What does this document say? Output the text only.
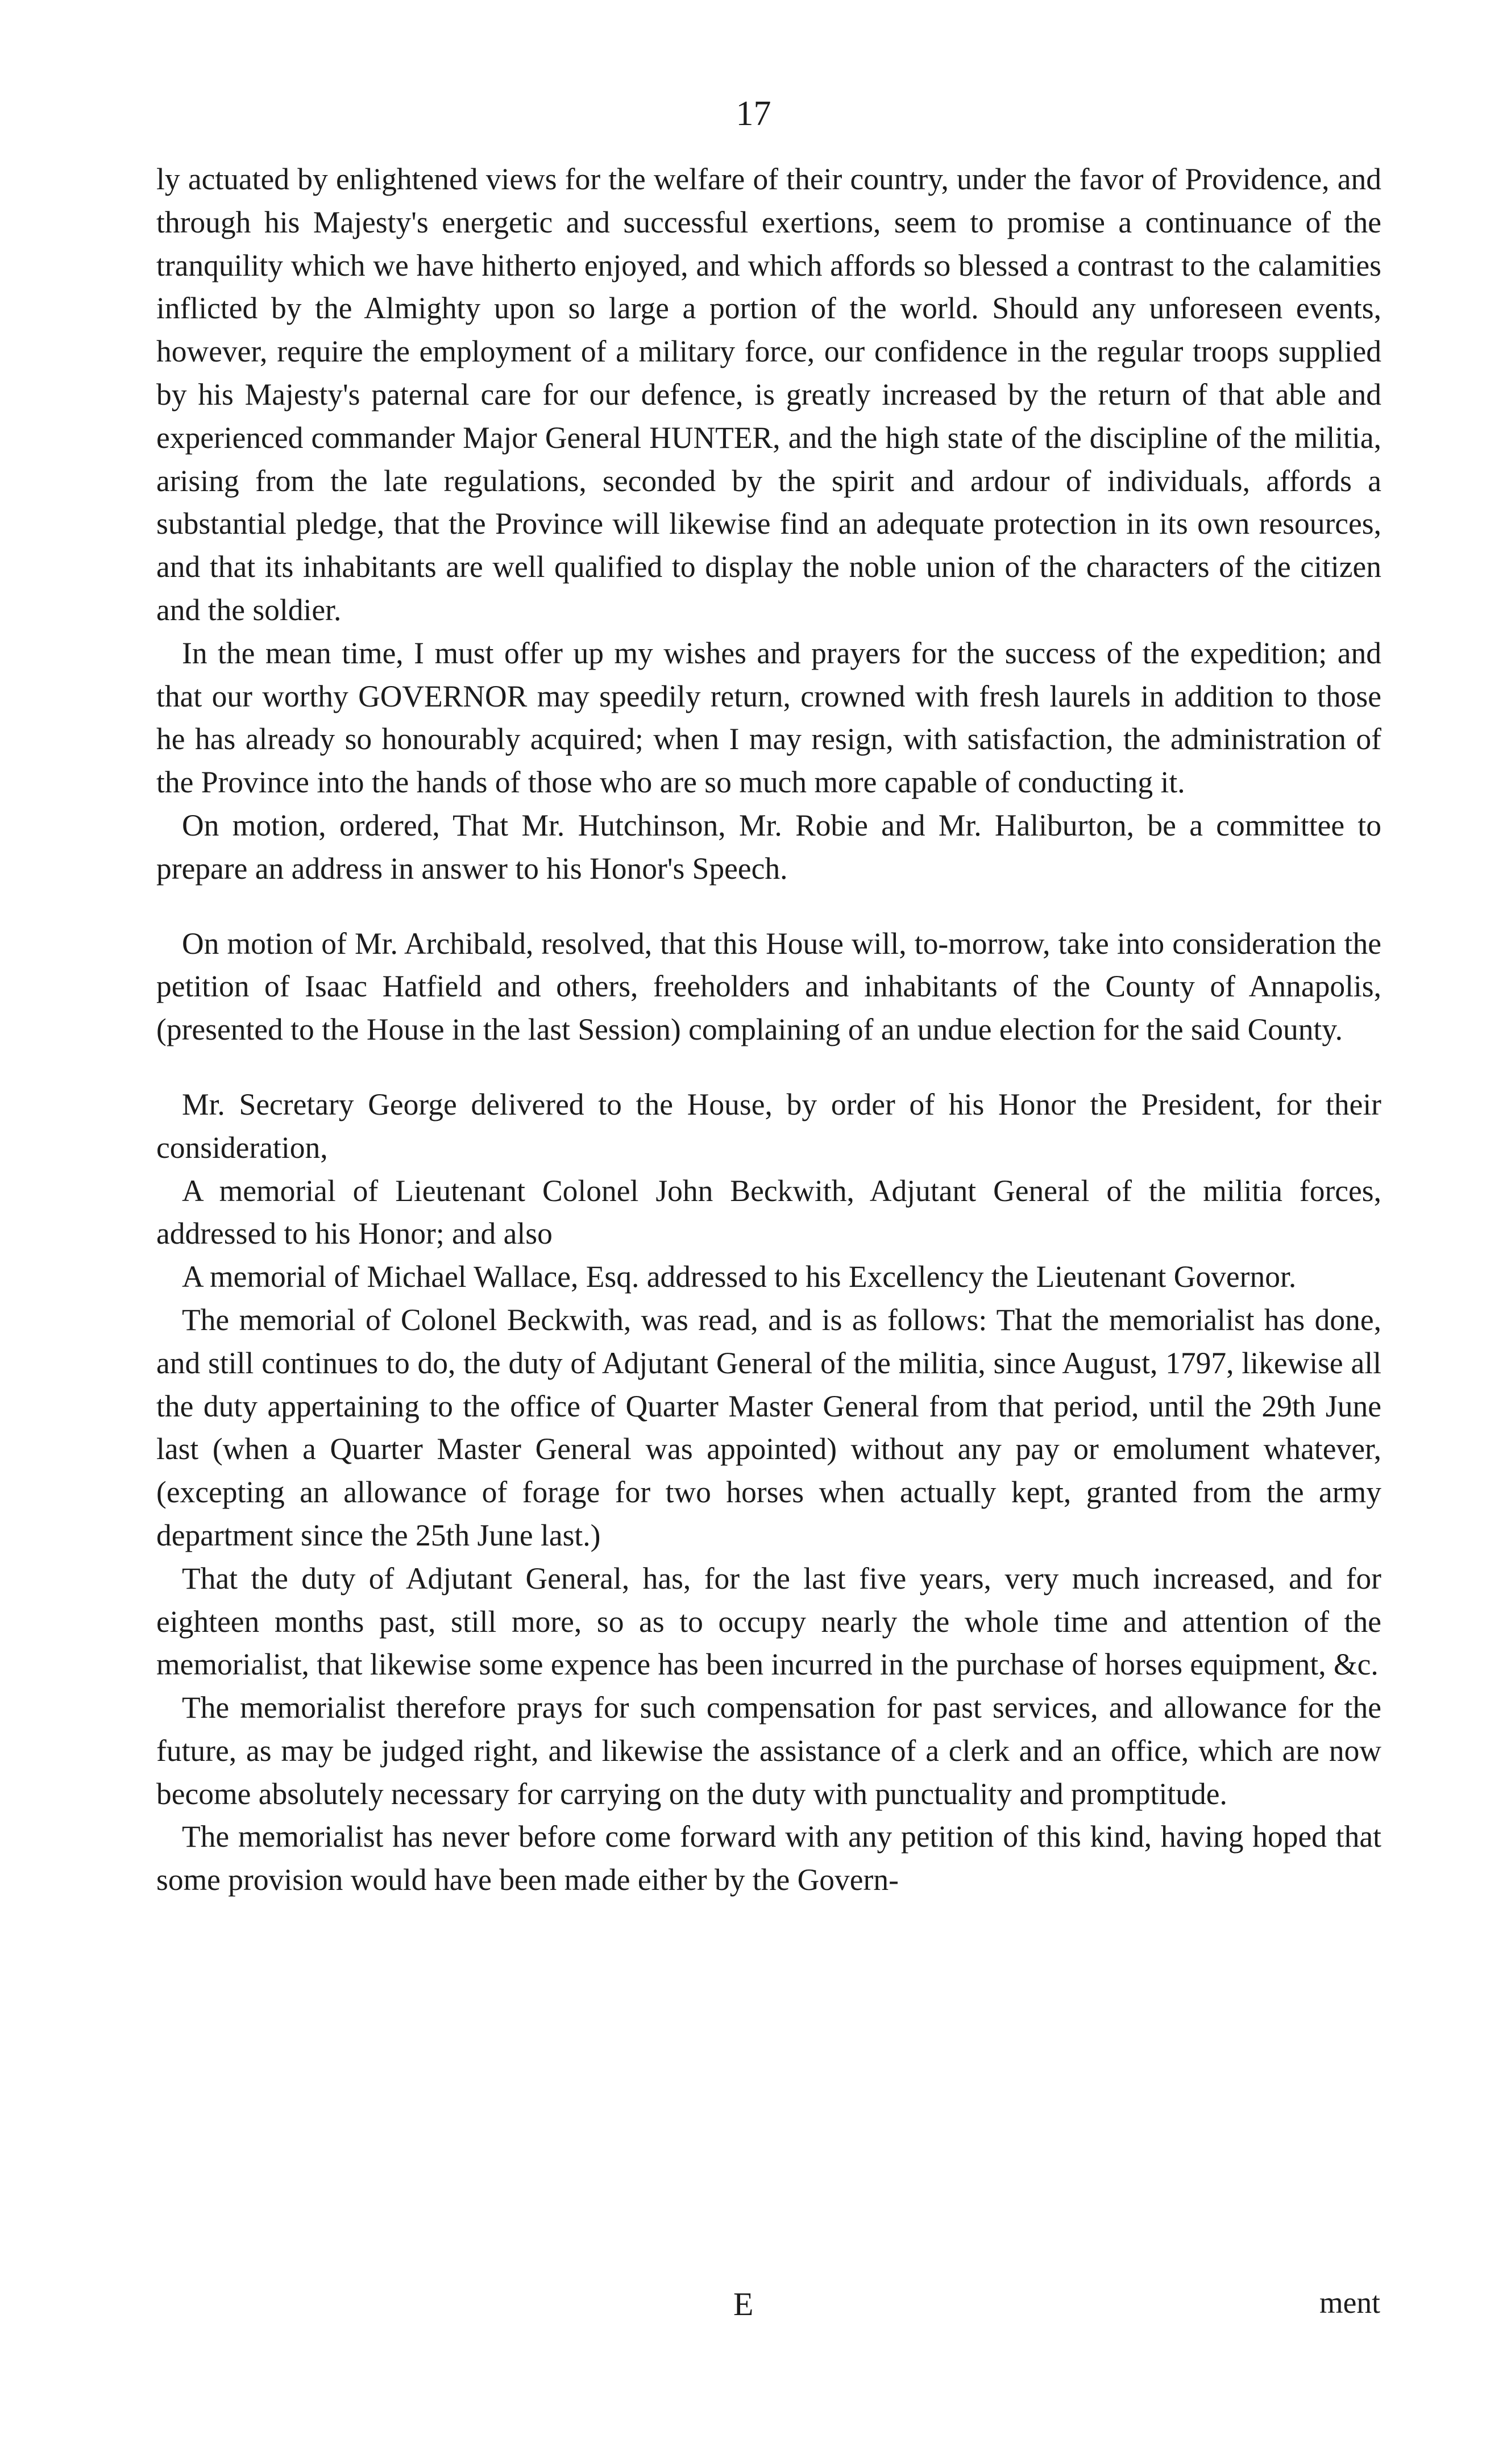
17

ly actuated by enlightened views for the welfare of their country, under the favor of Providence, and through his Majesty's energetic and successful exertions, seem to promise a continuance of the tranquility which we have hitherto enjoyed, and which affords so blessed a contrast to the calamities inflicted by the Almighty upon so large a portion of the world. Should any unforeseen events, however, require the employment of a military force, our confidence in the regular troops supplied by his Majesty's paternal care for our defence, is greatly increased by the return of that able and experienced commander Major General HUNTER, and the high state of the discipline of the militia, arising from the late regulations, seconded by the spirit and ardour of individuals, affords a substantial pledge, that the Province will likewise find an adequate protection in its own resources, and that its inhabitants are well qualified to display the noble union of the characters of the citizen and the soldier.

In the mean time, I must offer up my wishes and prayers for the success of the expedition; and that our worthy GOVERNOR may speedily return, crowned with fresh laurels in addition to those he has already so honourably acquired; when I may resign, with satisfaction, the administration of the Province into the hands of those who are so much more capable of conducting it.

On motion, ordered, That Mr. Hutchinson, Mr. Robie and Mr. Haliburton, be a committee to prepare an address in answer to his Honor's Speech.

On motion of Mr. Archibald, resolved, that this House will, to-morrow, take into consideration the petition of Isaac Hatfield and others, freeholders and inhabitants of the County of Annapolis, (presented to the House in the last Session) complaining of an undue election for the said County.

Mr. Secretary George delivered to the House, by order of his Honor the President, for their consideration,

A memorial of Lieutenant Colonel John Beckwith, Adjutant General of the militia forces, addressed to his Honor; and also

A memorial of Michael Wallace, Esq. addressed to his Excellency the Lieutenant Governor.

The memorial of Colonel Beckwith, was read, and is as follows: That the memorialist has done, and still continues to do, the duty of Adjutant General of the militia, since August, 1797, likewise all the duty appertaining to the office of Quarter Master General from that period, until the 29th June last (when a Quarter Master General was appointed) without any pay or emolument whatever, (excepting an allowance of forage for two horses when actually kept, granted from the army department since the 25th June last.)

That the duty of Adjutant General, has, for the last five years, very much increased, and for eighteen months past, still more, so as to occupy nearly the whole time and attention of the memorialist, that likewise some expence has been incurred in the purchase of horses equipment, &c.

The memorialist therefore prays for such compensation for past services, and allowance for the future, as may be judged right, and likewise the assistance of a clerk and an office, which are now become absolutely necessary for carrying on the duty with punctuality and promptitude.

The memorialist has never before come forward with any petition of this kind, having hoped that some provision would have been made either by the Govern-

E	ment
